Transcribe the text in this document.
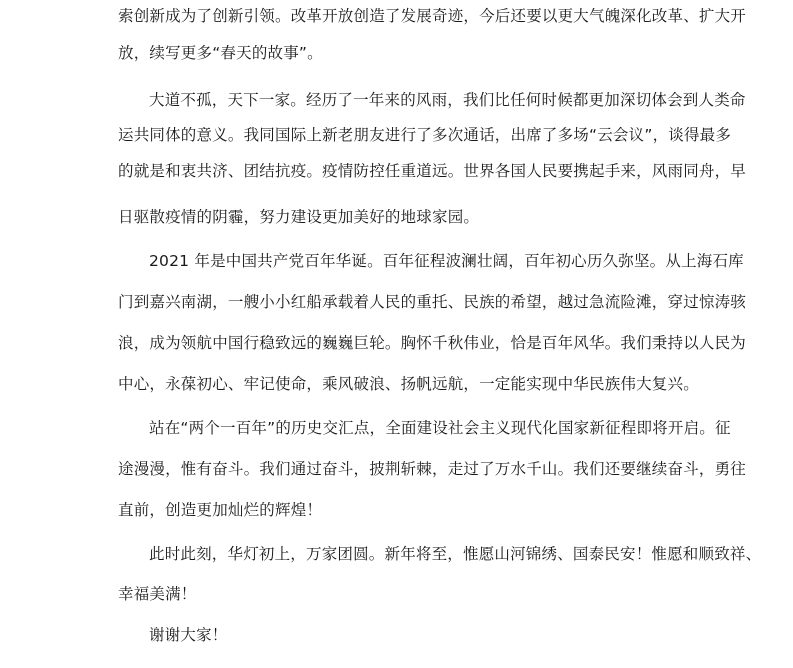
索创新成为了创新引领。改革开放创造了发展奇迹，今后还要以更大气魄深化改革、扩大开
放，续写更多“春天的故事”。
大道不孤，天下一家。经历了一年来的风雨，我们比任何时候都更加深切体会到人类命
运共同体的意义。我同国际上新老朋友进行了多次通话，出席了多场“云会议”，谈得最多
的就是和衷共济、团结抗疫。疫情防控任重道远。世界各国人民要携起手来，风雨同舟，早
日驱散疫情的阴霾，努力建设更加美好的地球家园。
2021 年是中国共产党百年华诞。百年征程波澜壮阔，百年初心历久弥坚。从上海石库
门到嘉兴南湖，一艘小小红船承载着人民的重托、民族的希望，越过急流险滩，穿过惊涛骇
浪，成为领航中国行稳致远的巍巍巨轮。胸怀千秋伟业，恰是百年风华。我们秉持以人民为
中心，永葆初心、牢记使命，乘风破浪、扬帆远航，一定能实现中华民族伟大复兴。
站在“两个一百年”的历史交汇点，全面建设社会主义现代化国家新征程即将开启。征
途漫漫，惟有奋斗。我们通过奋斗，披荆斩棘，走过了万水千山。我们还要继续奋斗，勇往
直前，创造更加灿烂的辉煌！
此时此刻，华灯初上，万家团圆。新年将至，惟愿山河锦绣、国泰民安！惟愿和顺致祥、
幸福美满！
谢谢大家！
